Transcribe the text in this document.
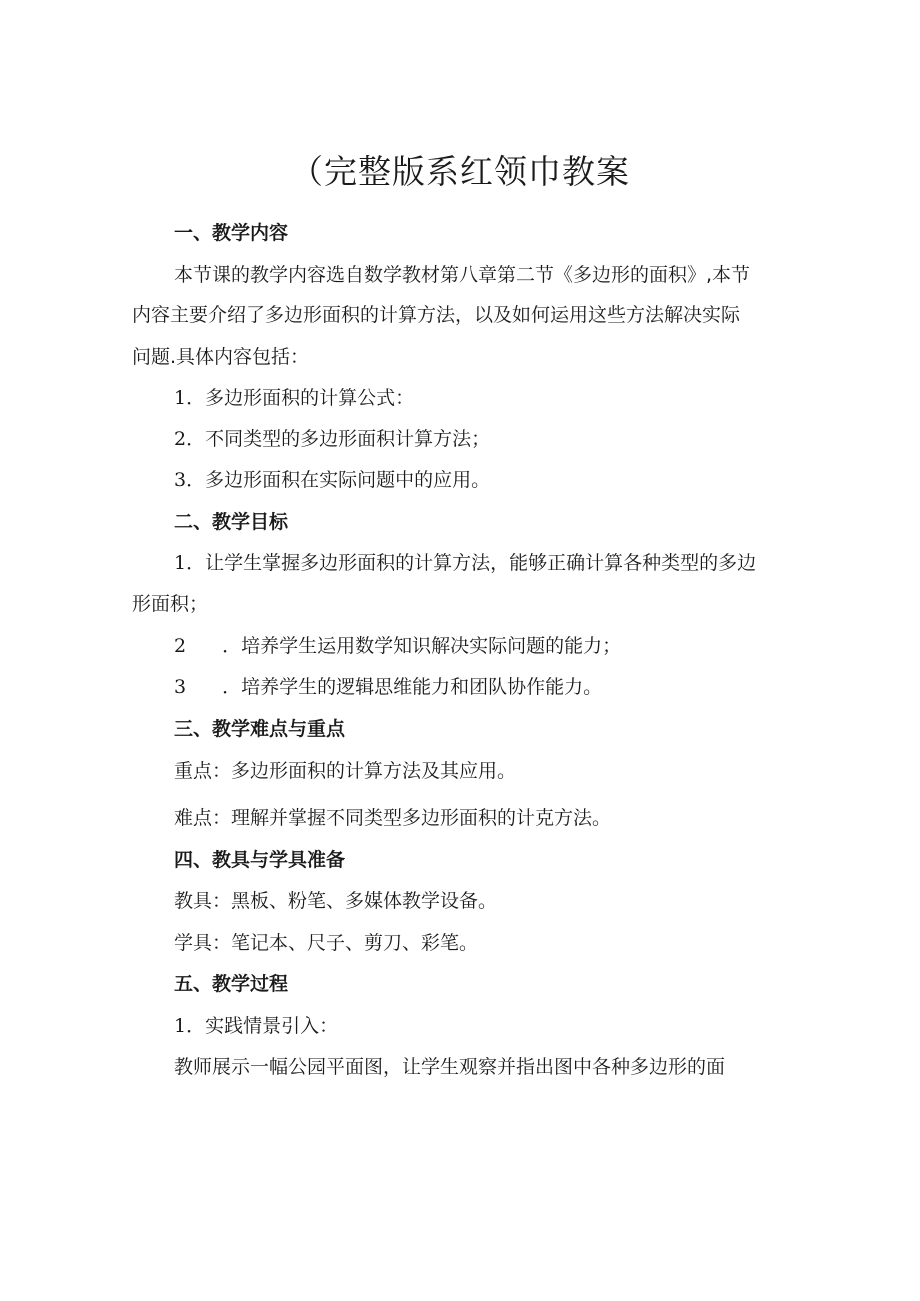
（完整版系红领巾教案
一、教学内容
本节课的教学内容选自数学教材第八章第二节《多边形的面积》,本节
内容主要介绍了多边形面积的计算方法，以及如何运用这些方法解决实际
问题.具体内容包括：
1．多边形面积的计算公式：
2．不同类型的多边形面积计算方法；
3．多边形面积在实际问题中的应用。
二、教学目标
1．让学生掌握多边形面积的计算方法，能够正确计算各种类型的多边
形面积；
2 ．培养学生运用数学知识解决实际问题的能力；
3 ．培养学生的逻辑思维能力和团队协作能力。
三、教学难点与重点
重点：多边形面积的计算方法及其应用。
难点：理解并掌握不同类型多边形面积的计克方法。
四、教具与学具准备
教具：黑板、粉笔、多媒体教学设备。
学具：笔记本、尺子、剪刀、彩笔。
五、教学过程
1．实践情景引入：
教师展示一幅公园平面图，让学生观察并指出图中各种多边形的面
